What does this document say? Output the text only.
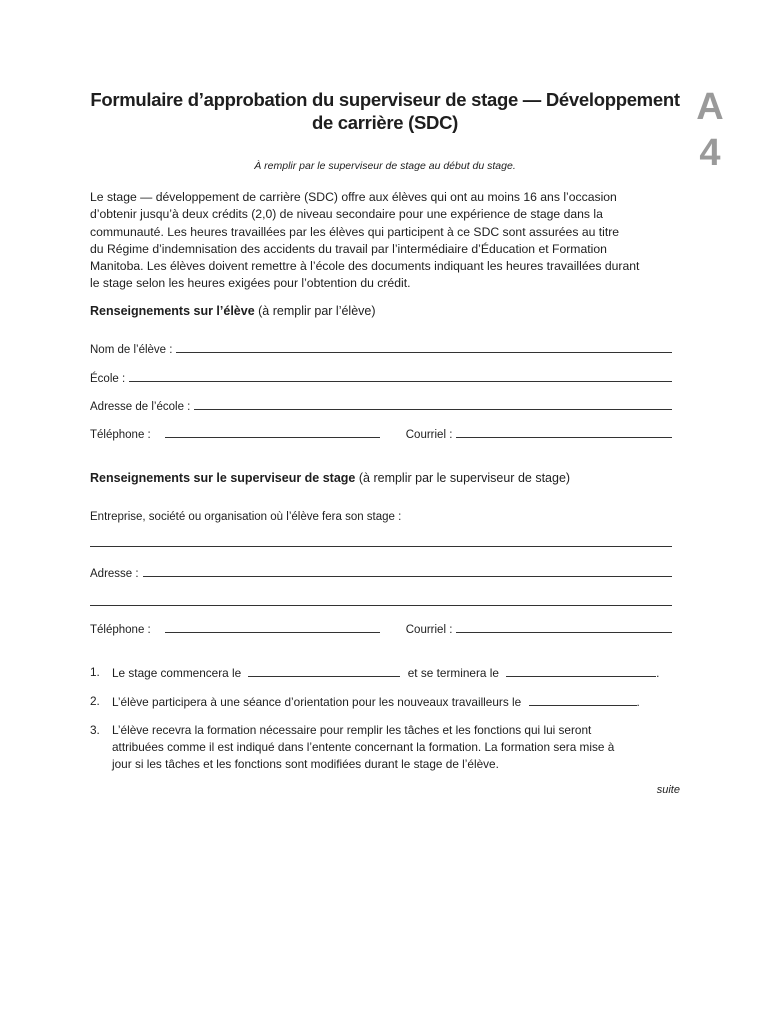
Formulaire d’approbation du superviseur de stage — Développement
de carrière (SDC)	A
4
À remplir par le superviseur de stage au début du stage.
Le stage — développement de carrière (SDC) offre aux élèves qui ont au moins 16 ans l’occasion
d’obtenir jusqu’à deux crédits (2,0) de niveau secondaire pour une expérience de stage dans la
communauté. Les heures travaillées par les élèves qui participent à ce SDC sont assurées au titre
du Régime d’indemnisation des accidents du travail par l’intermédiaire d’Éducation et Formation
Manitoba. Les élèves doivent remettre à l’école des documents indiquant les heures travaillées durant
le stage selon les heures exigées pour l’obtention du crédit.
Renseignements sur l’élève (à remplir par l’élève)
Nom de l’élève :
École :
Adresse de l’école :
Téléphone :	Courriel :
Renseignements sur le superviseur de stage (à remplir par le superviseur de stage)
Entreprise, société ou organisation où l’élève fera son stage :
Adresse :
Téléphone :	Courriel :
1.	Le stage commencera le	et se terminera le	.
2.	L’élève participera à une séance d’orientation pour les nouveaux travailleurs le	.
3.	L’élève recevra la formation nécessaire pour remplir les tâches et les fonctions qui lui seront
attribuées comme il est indiqué dans l’entente concernant la formation. La formation sera mise à
jour si les tâches et les fonctions sont modifiées durant le stage de l’élève.
suite
